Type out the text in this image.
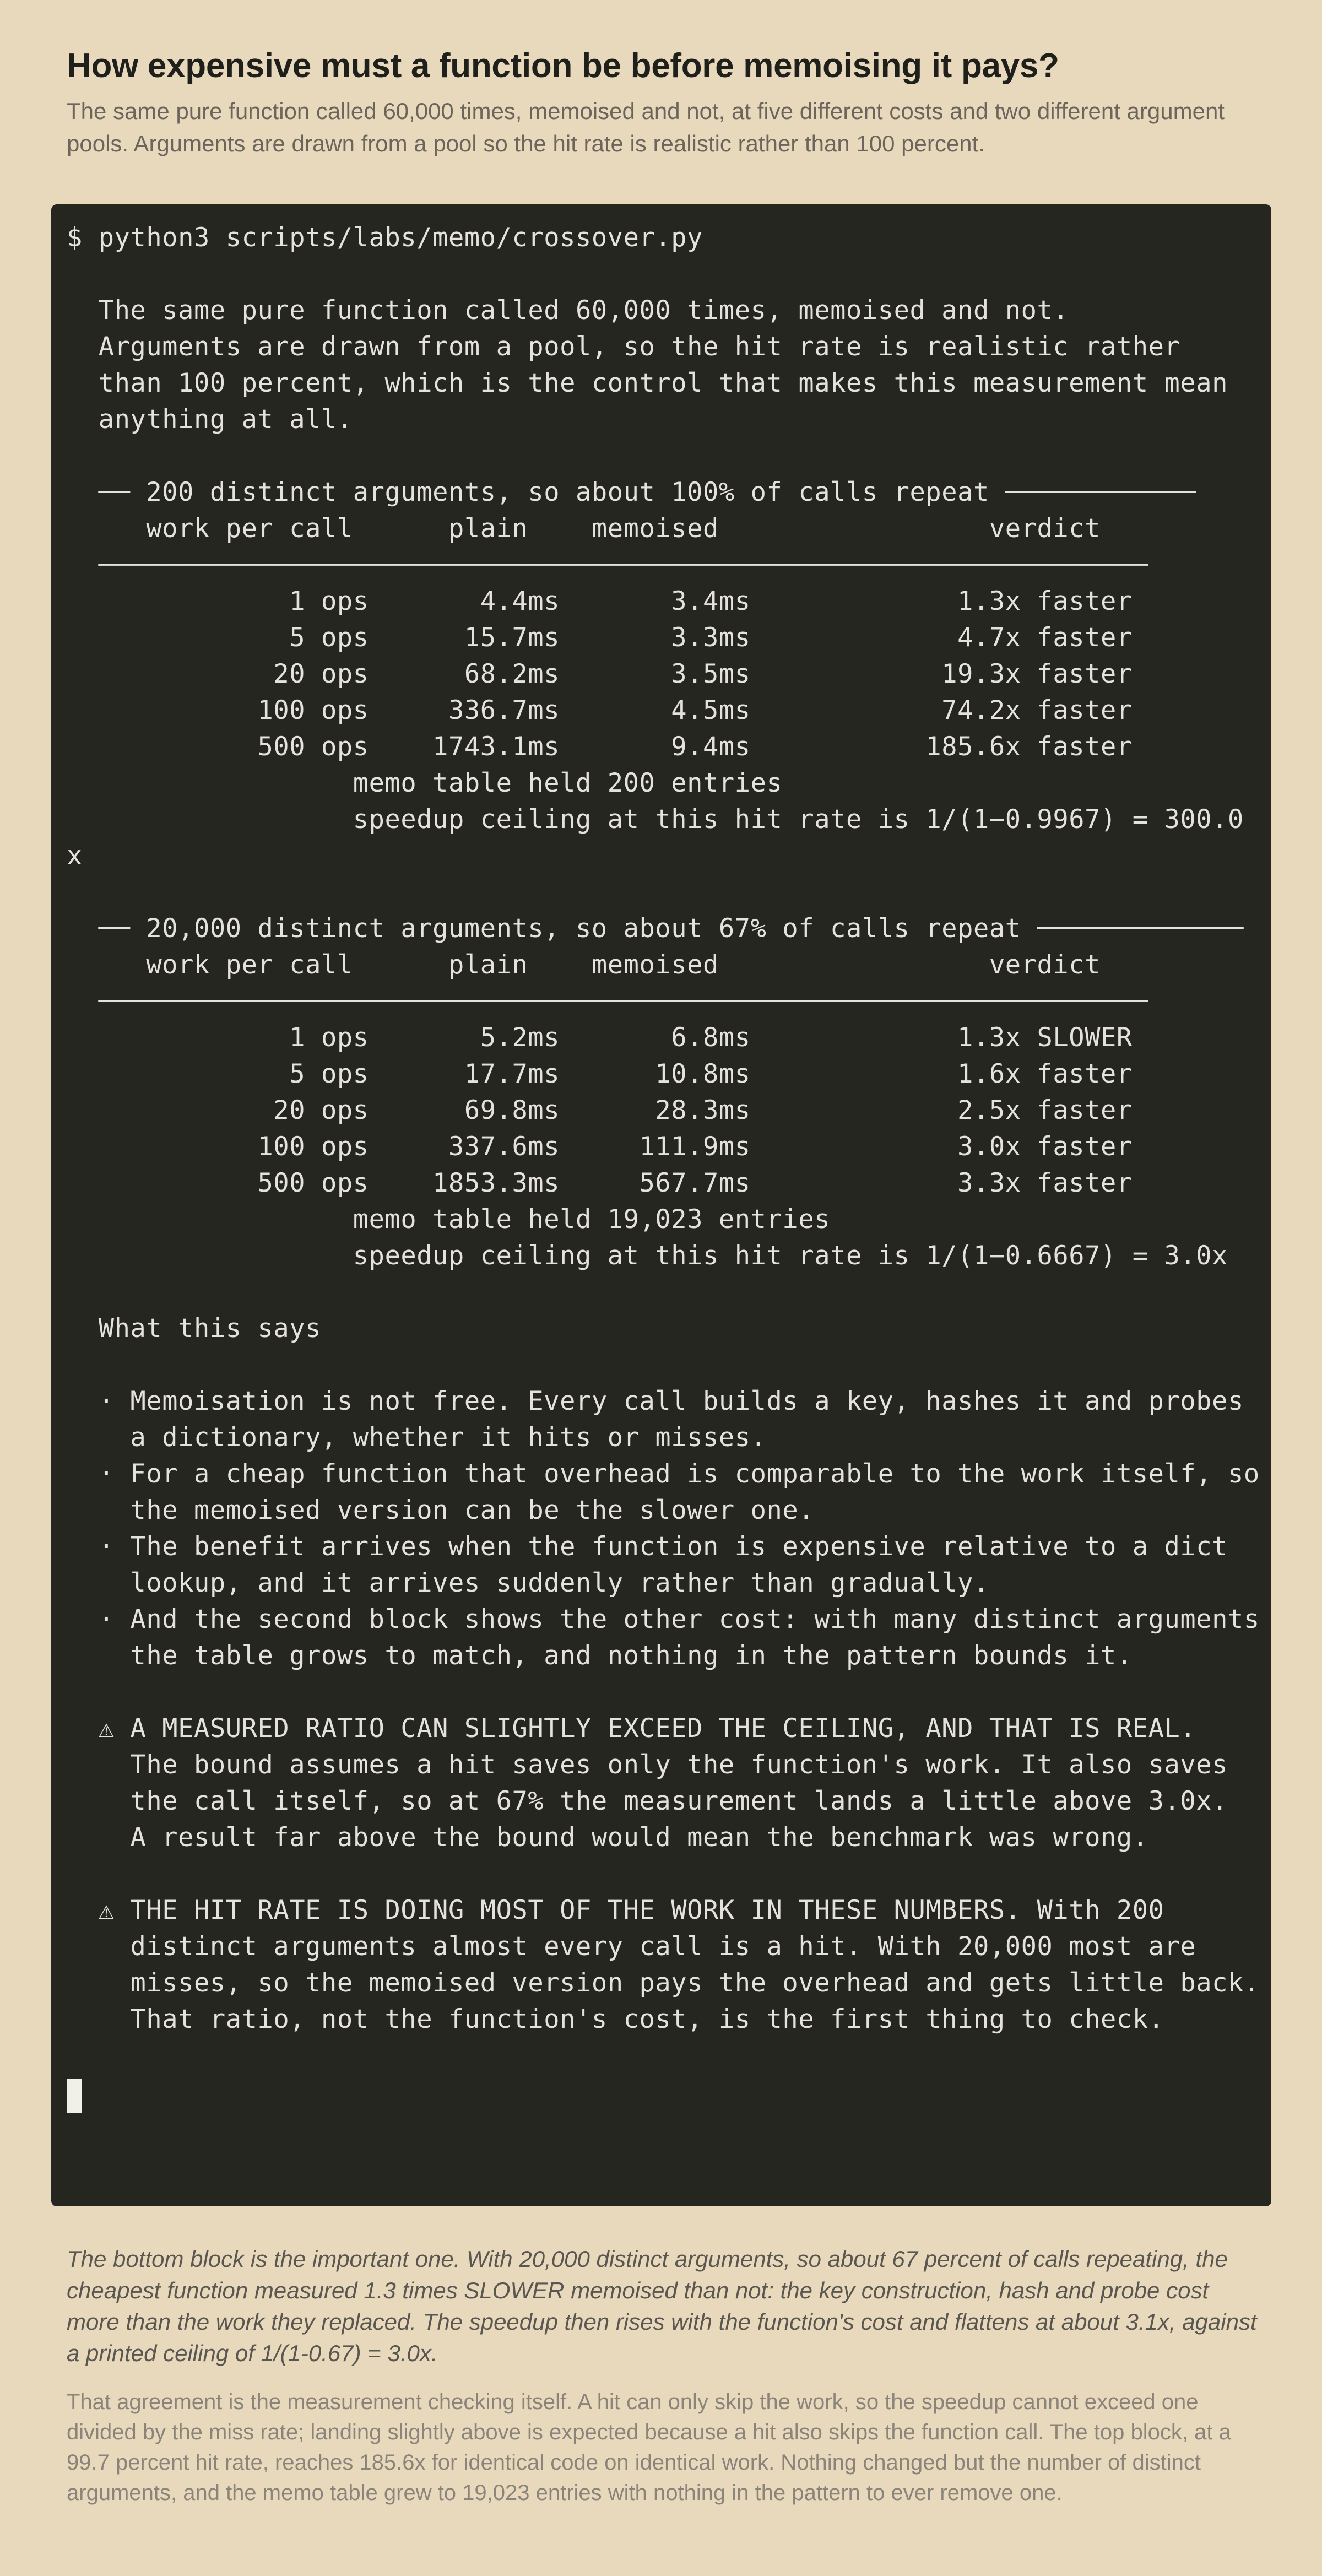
How expensive must a function be before memoising it pays?

The same pure function called 60,000 times, memoised and not, at five different costs and two different argument pools. Arguments are drawn from a pool so the hit rate is realistic rather than 100 percent.

$ python3 scripts/labs/memo/crossover.py

The same pure function called 60,000 times, memoised and not.
Arguments are drawn from a pool, so the hit rate is realistic rather
than 100 percent, which is the control that makes this measurement mean
anything at all.

── 200 distinct arguments, so about 100% of calls repeat ────────────
work per call      plain    memoised                 verdict
──────────────────────────────────────────────────────────────────
1 ops       4.4ms       3.4ms             1.3x faster
5 ops      15.7ms       3.3ms             4.7x faster
20 ops      68.2ms       3.5ms            19.3x faster
100 ops     336.7ms       4.5ms            74.2x faster
500 ops    1743.1ms       9.4ms           185.6x faster
memo table held 200 entries
speedup ceiling at this hit rate is 1/(1−0.9967) = 300.0
x

── 20,000 distinct arguments, so about 67% of calls repeat ─────────────
work per call      plain    memoised                 verdict
──────────────────────────────────────────────────────────────────
1 ops       5.2ms       6.8ms             1.3x SLOWER
5 ops      17.7ms      10.8ms             1.6x faster
20 ops      69.8ms      28.3ms             2.5x faster
100 ops     337.6ms     111.9ms             3.0x faster
500 ops    1853.3ms     567.7ms             3.3x faster
memo table held 19,023 entries
speedup ceiling at this hit rate is 1/(1−0.6667) = 3.0x

What this says

· Memoisation is not free. Every call builds a key, hashes it and probes
a dictionary, whether it hits or misses.
· For a cheap function that overhead is comparable to the work itself, so
the memoised version can be the slower one.
· The benefit arrives when the function is expensive relative to a dict
lookup, and it arrives suddenly rather than gradually.
· And the second block shows the other cost: with many distinct arguments
the table grows to match, and nothing in the pattern bounds it.

⚠ A MEASURED RATIO CAN SLIGHTLY EXCEED THE CEILING, AND THAT IS REAL.
The bound assumes a hit saves only the function's work. It also saves
the call itself, so at 67% the measurement lands a little above 3.0x.
A result far above the bound would mean the benchmark was wrong.

⚠ THE HIT RATE IS DOING MOST OF THE WORK IN THESE NUMBERS. With 200
distinct arguments almost every call is a hit. With 20,000 most are
misses, so the memoised version pays the overhead and gets little back.
That ratio, not the function's cost, is the first thing to check.

The bottom block is the important one. With 20,000 distinct arguments, so about 67 percent of calls repeating, the cheapest function measured 1.3 times SLOWER memoised than not: the key construction, hash and probe cost more than the work they replaced. The speedup then rises with the function's cost and flattens at about 3.1x, against a printed ceiling of 1/(1-0.67) = 3.0x.

That agreement is the measurement checking itself. A hit can only skip the work, so the speedup cannot exceed one divided by the miss rate; landing slightly above is expected because a hit also skips the function call. The top block, at a 99.7 percent hit rate, reaches 185.6x for identical code on identical work. Nothing changed but the number of distinct arguments, and the memo table grew to 19,023 entries with nothing in the pattern to ever remove one.
